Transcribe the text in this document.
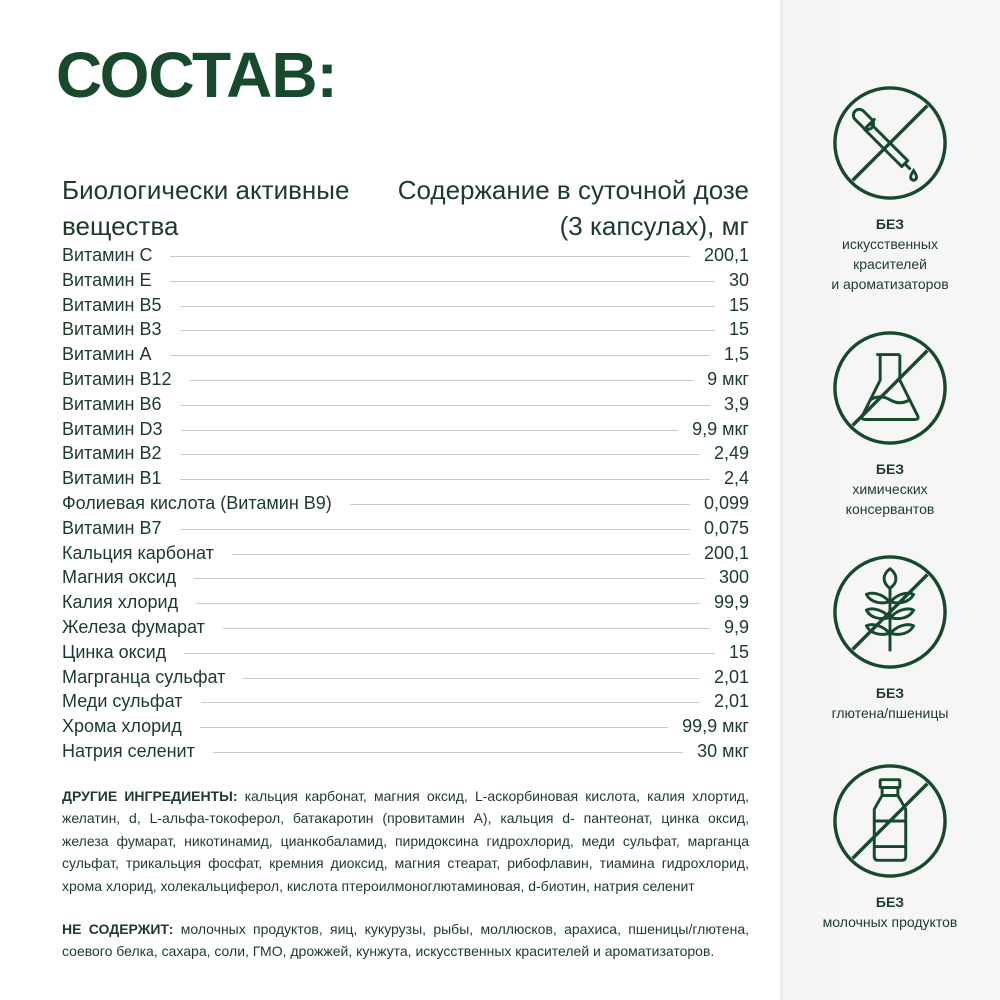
СОСТАВ:
Биологически активные вещества
Содержание в суточной дозе (3 капсулах), мг
Витамин С	200,1
Витамин Е	30
Витамин В5	15
Витамин В3	15
Витамин А	1,5
Витамин В12	9 мкг
Витамин В6	3,9
Витамин D3	9,9 мкг
Витамин В2	2,49
Витамин В1	2,4
Фолиевая кислота (Витамин В9)	0,099
Витамин В7	0,075
Кальция карбонат	200,1
Магния оксид	300
Калия хлорид	99,9
Железа фумарат	9,9
Цинка оксид	15
Магрганца сульфат	2,01
Меди сульфат	2,01
Хрома хлорид	99,9 мкг
Натрия селенит	30 мкг

ДРУГИЕ ИНГРЕДИЕНТЫ: кальция карбонат, магния оксид, L-аскорбиновая кислота, калия хлортид, желатин, d, L-альфа-токоферол, батакаротин (провитамин А), кальция d- пантеонат, цинка оксид, железа фумарат, никотинамид, цианкобаламид, пиридоксина гидрохлорид, меди сульфат, марганца сульфат, трикальция фосфат, кремния диоксид, магния стеарат, рибофлавин, тиамина гидрохлорид, хрома хлорид, холекальциферол, кислота птероилмоноглютаминовая, d-биотин, натрия селенит

НЕ СОДЕРЖИТ: молочных продуктов, яиц, кукурузы, рыбы, моллюсков, арахиса, пшеницы/глютена, соевого белка, сахара, соли, ГМО, дрожжей, кунжута, искусственных красителей и ароматизаторов.

БЕЗ
искусственных
красителей
и ароматизаторов
БЕЗ
химических
консервантов
БЕЗ
глютена/пшеницы
БЕЗ
молочных продуктов
